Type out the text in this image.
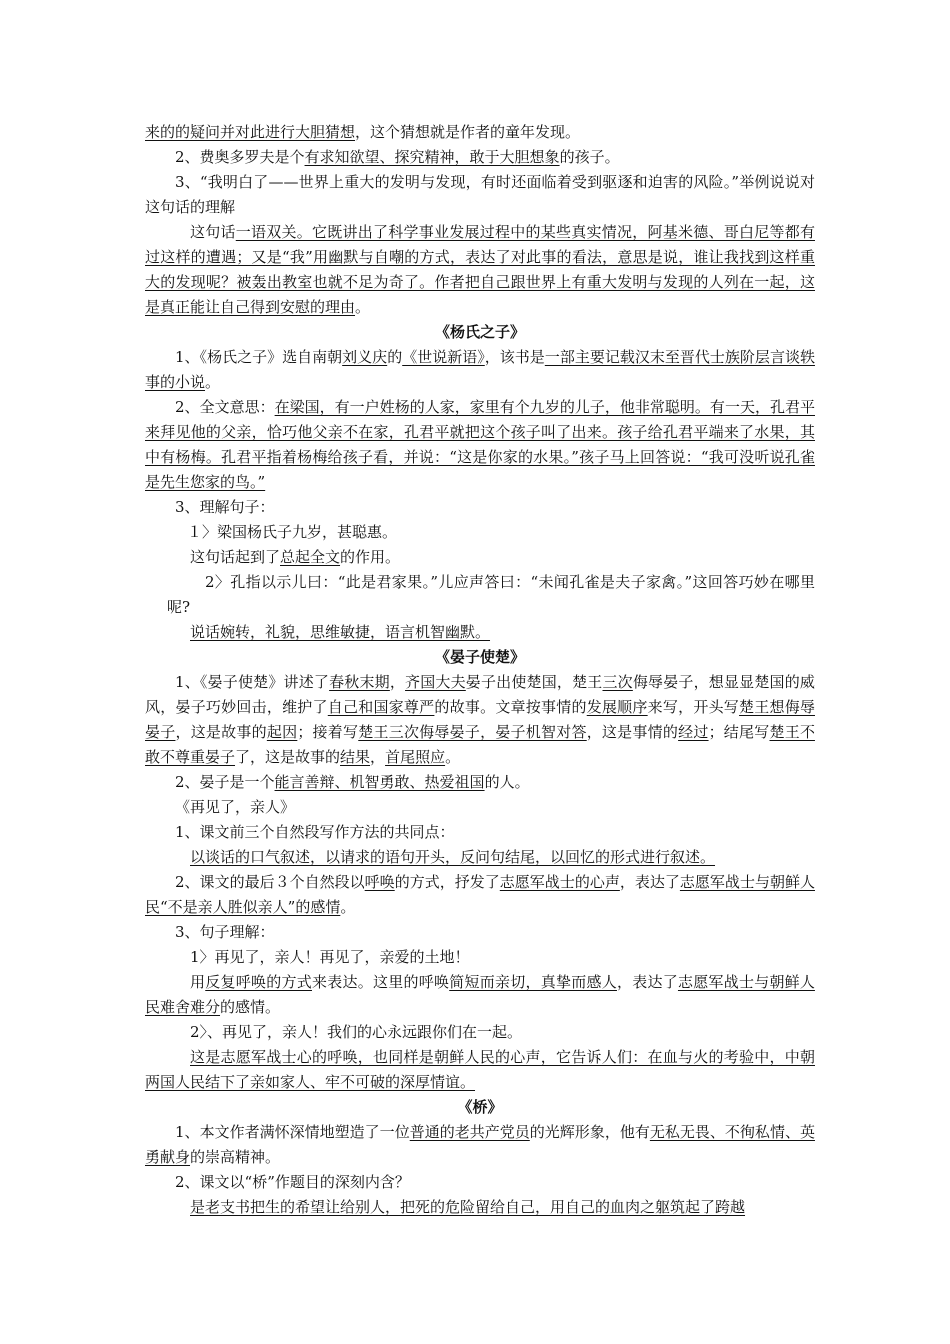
来的的疑问并对此进行大胆猜想，这个猜想就是作者的童年发现。

2、费奥多罗夫是个有求知欲望、探究精神，敢于大胆想象的孩子。

3、“我明白了——世界上重大的发明与发现，有时还面临着受到驱逐和迫害的风险。”举例说说对这句话的理解

这句话一语双关。它既讲出了科学事业发展过程中的某些真实情况，阿基米德、哥白尼等都有过这样的遭遇；又是“我”用幽默与自嘲的方式，表达了对此事的看法，意思是说，谁让我找到这样重大的发现呢？被轰出教室也就不足为奇了。作者把自己跟世界上有重大发明与发现的人列在一起，这是真正能让自己得到安慰的理由。

《杨氏之子》

1、《杨氏之子》选自南朝刘义庆的《世说新语》，该书是一部主要记载汉末至晋代士族阶层言谈轶事的小说。

2、全文意思：在梁国，有一户姓杨的人家，家里有个九岁的儿子，他非常聪明。有一天，孔君平来拜见他的父亲，恰巧他父亲不在家，孔君平就把这个孩子叫了出来。孩子给孔君平端来了水果，其中有杨梅。孔君平指着杨梅给孩子看，并说：“这是你家的水果。”孩子马上回答说：“我可没听说孔雀是先生您家的鸟。”

3、理解句子：

１〉梁国杨氏子九岁，甚聪惠。

这句话起到了总起全文的作用。

2〉孔指以示儿曰：“此是君家果。”儿应声答曰：“未闻孔雀是夫子家禽。”这回答巧妙在哪里呢?

说话婉转，礼貌，思维敏捷，语言机智幽默。

《晏子使楚》

1、《晏子使楚》讲述了春秋末期，齐国大夫晏子出使楚国，楚王三次侮辱晏子，想显显楚国的威风，晏子巧妙回击，维护了自己和国家尊严的故事。文章按事情的发展顺序来写，开头写楚王想侮辱晏子，这是故事的起因；接着写楚王三次侮辱晏子，晏子机智对答，这是事情的经过；结尾写楚王不敢不尊重晏子了，这是故事的结果，首尾照应。

2、晏子是一个能言善辩、机智勇敢、热爱祖国的人。

《再见了，亲人》

1、课文前三个自然段写作方法的共同点：

以谈话的口气叙述，以请求的语句开头，反问句结尾，以回忆的形式进行叙述。

2、课文的最后３个自然段以呼唤的方式，抒发了志愿军战士的心声，表达了志愿军战士与朝鲜人民“不是亲人胜似亲人”的感情。

3、句子理解：

1〉再见了，亲人！再见了，亲爱的土地！

用反复呼唤的方式来表达。这里的呼唤简短而亲切，真挚而感人，表达了志愿军战士与朝鲜人民难舍难分的感情。

2〉、再见了，亲人！我们的心永远跟你们在一起。

这是志愿军战士心的呼唤，也同样是朝鲜人民的心声，它告诉人们：在血与火的考验中，中朝两国人民结下了亲如家人、牢不可破的深厚情谊。

《桥》

1、本文作者满怀深情地塑造了一位普通的老共产党员的光辉形象，他有无私无畏、不徇私情、英勇献身的崇高精神。

2、课文以“桥”作题目的深刻内含？

是老支书把生的希望让给别人，把死的危险留给自己，用自己的血肉之躯筑起了跨越
